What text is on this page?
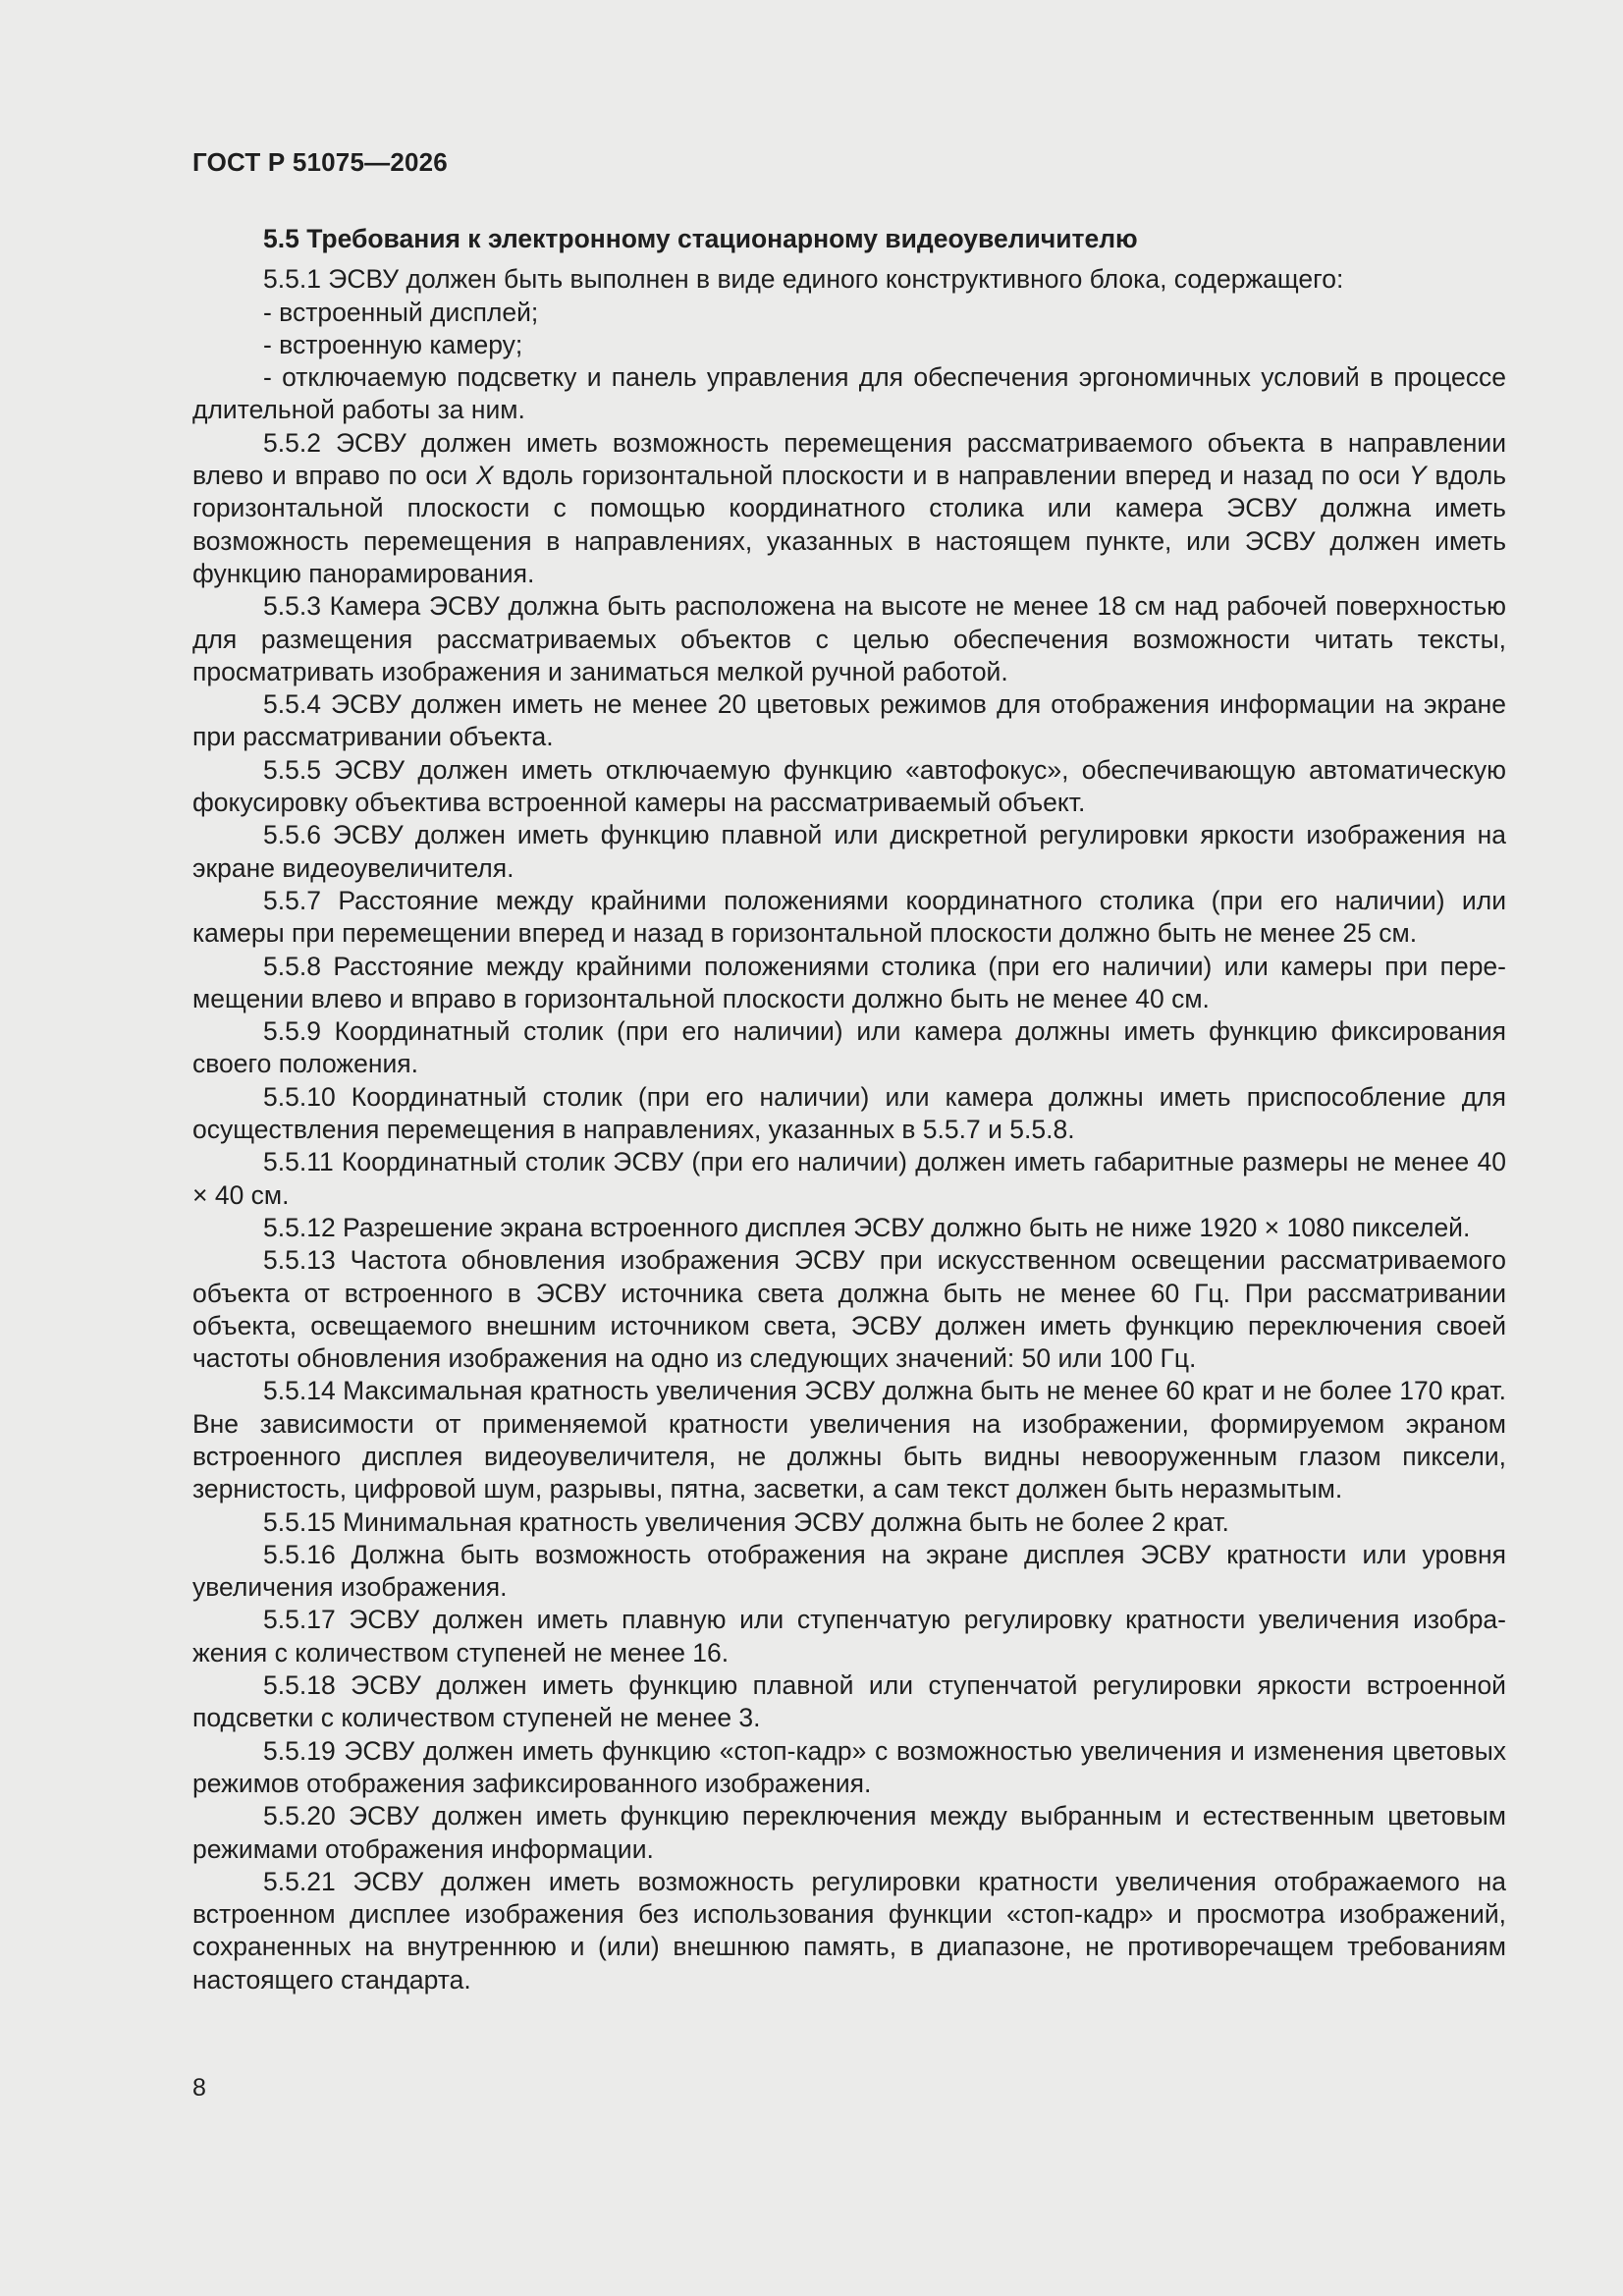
ГОСТ Р 51075—2026

5.5 Требования к электронному стационарному видеоувеличителю

5.5.1 ЭСВУ должен быть выполнен в виде единого конструктивного блока, содержащего:

- встроенный дисплей;

- встроенную камеру;

- отключаемую подсветку и панель управления для обеспечения эргономичных условий в процессе длительной работы за ним.

5.5.2 ЭСВУ должен иметь возможность перемещения рассматриваемого объекта в направлении влево и вправо по оси X вдоль горизонтальной плоскости и в направлении вперед и назад по оси Y вдоль горизонтальной плоскости с помощью координатного столика или камера ЭСВУ должна иметь возможность перемещения в направлениях, указанных в настоящем пункте, или ЭСВУ должен иметь функцию панорамирования.

5.5.3 Камера ЭСВУ должна быть расположена на высоте не менее 18 см над рабочей поверхностью для размещения рассматриваемых объектов с целью обеспечения возможности читать тексты, просматривать изображения и заниматься мелкой ручной работой.

5.5.4 ЭСВУ должен иметь не менее 20 цветовых режимов для отображения информации на экране при рассматривании объекта.

5.5.5 ЭСВУ должен иметь отключаемую функцию «автофокус», обеспечивающую автоматическую фокусировку объектива встроенной камеры на рассматриваемый объект.

5.5.6 ЭСВУ должен иметь функцию плавной или дискретной регулировки яркости изображения на экране видеоувеличителя.

5.5.7 Расстояние между крайними положениями координатного столика (при его наличии) или камеры при перемещении вперед и назад в горизонтальной плоскости должно быть не менее 25 см.

5.5.8 Расстояние между крайними положениями столика (при его наличии) или камеры при перемещении влево и вправо в горизонтальной плоскости должно быть не менее 40 см.

5.5.9 Координатный столик (при его наличии) или камера должны иметь функцию фиксирования своего положения.

5.5.10 Координатный столик (при его наличии) или камера должны иметь приспособление для осуществления перемещения в направлениях, указанных в 5.5.7 и 5.5.8.

5.5.11 Координатный столик ЭСВУ (при его наличии) должен иметь габаритные размеры не менее 40 × 40 см.

5.5.12 Разрешение экрана встроенного дисплея ЭСВУ должно быть не ниже 1920 × 1080 пикселей.

5.5.13 Частота обновления изображения ЭСВУ при искусственном освещении рассматриваемого объекта от встроенного в ЭСВУ источника света должна быть не менее 60 Гц. При рассматривании объекта, освещаемого внешним источником света, ЭСВУ должен иметь функцию переключения своей частоты обновления изображения на одно из следующих значений: 50 или 100 Гц.

5.5.14 Максимальная кратность увеличения ЭСВУ должна быть не менее 60 крат и не более 170 крат. Вне зависимости от применяемой кратности увеличения на изображении, формируемом экраном встроенного дисплея видеоувеличителя, не должны быть видны невооруженным глазом пиксели, зернистость, цифровой шум, разрывы, пятна, засветки, а сам текст должен быть неразмытым.

5.5.15 Минимальная кратность увеличения ЭСВУ должна быть не более 2 крат.

5.5.16 Должна быть возможность отображения на экране дисплея ЭСВУ кратности или уровня увеличения изображения.

5.5.17 ЭСВУ должен иметь плавную или ступенчатую регулировку кратности увеличения изображения с количеством ступеней не менее 16.

5.5.18 ЭСВУ должен иметь функцию плавной или ступенчатой регулировки яркости встроенной подсветки с количеством ступеней не менее 3.

5.5.19 ЭСВУ должен иметь функцию «стоп-кадр» с возможностью увеличения и изменения цветовых режимов отображения зафиксированного изображения.

5.5.20 ЭСВУ должен иметь функцию переключения между выбранным и естественным цветовым режимами отображения информации.

5.5.21 ЭСВУ должен иметь возможность регулировки кратности увеличения отображаемого на встроенном дисплее изображения без использования функции «стоп-кадр» и просмотра изображений, сохраненных на внутреннюю и (или) внешнюю память, в диапазоне, не противоречащем требованиям настоящего стандарта.

8
